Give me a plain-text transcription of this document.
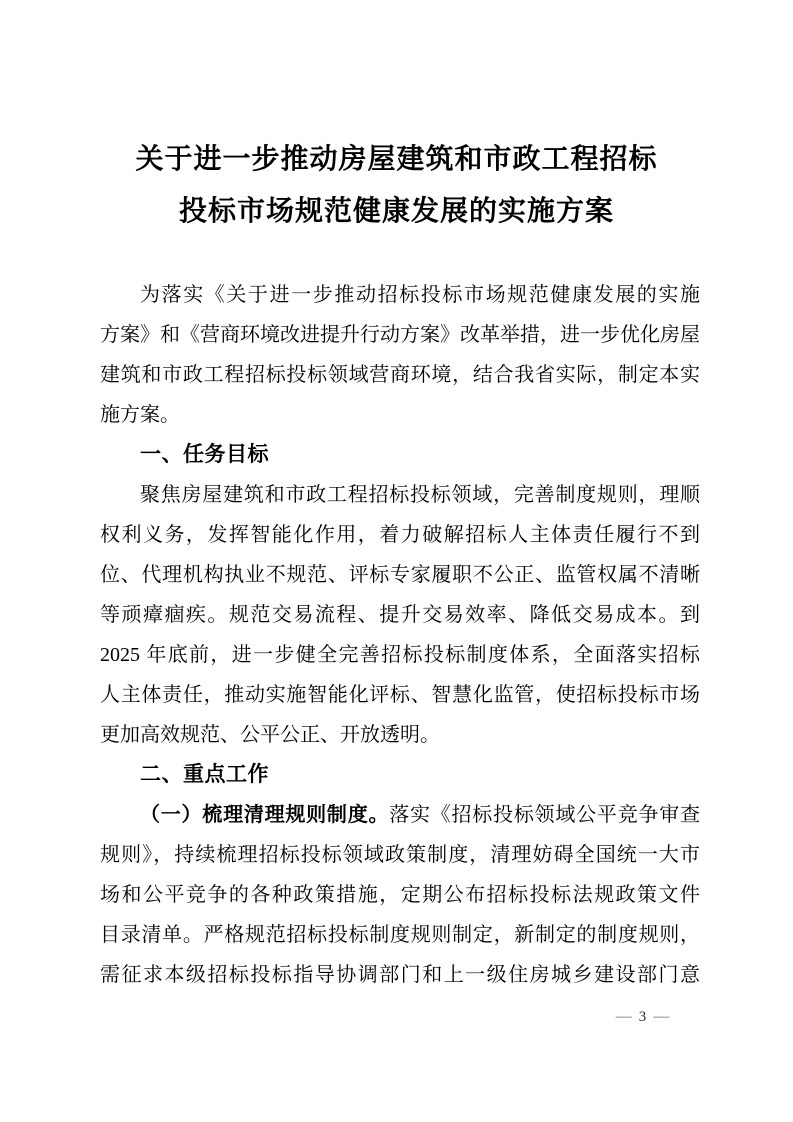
关于进一步推动房屋建筑和市政工程招标
投标市场规范健康发展的实施方案
为落实《关于进一步推动招标投标市场规范健康发展的实施
方案》和《营商环境改进提升行动方案》改革举措，进一步优化房屋
建筑和市政工程招标投标领域营商环境，结合我省实际，制定本实
施方案。
一、任务目标
聚焦房屋建筑和市政工程招标投标领域，完善制度规则，理顺
权利义务，发挥智能化作用，着力破解招标人主体责任履行不到
位、代理机构执业不规范、评标专家履职不公正、监管权属不清晰
等顽瘴痼疾。规范交易流程、提升交易效率、降低交易成本。到
2025 年底前，进一步健全完善招标投标制度体系，全面落实招标
人主体责任，推动实施智能化评标、智慧化监管，使招标投标市场
更加高效规范、公平公正、开放透明。
二、重点工作
（一）梳理清理规则制度。落实《招标投标领域公平竞争审查
规则》，持续梳理招标投标领域政策制度，清理妨碍全国统一大市
场和公平竞争的各种政策措施，定期公布招标投标法规政策文件
目录清单。严格规范招标投标制度规则制定，新制定的制度规则，
需征求本级招标投标指导协调部门和上一级住房城乡建设部门意
— 3 —
